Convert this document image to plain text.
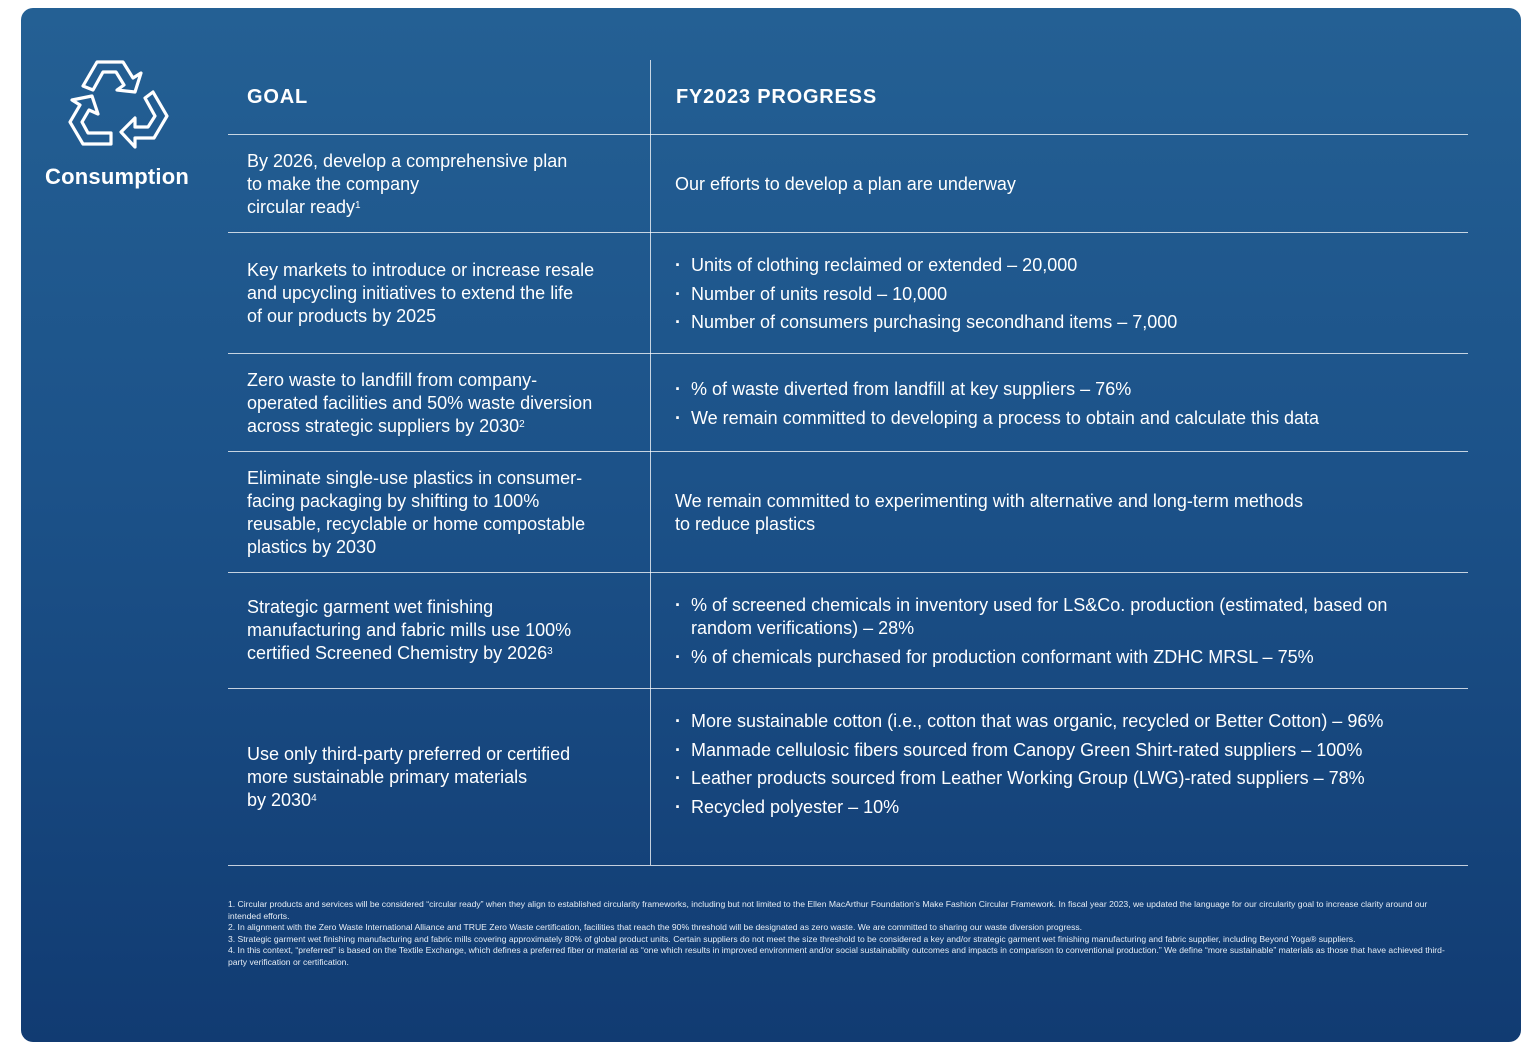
Consumption
GOAL	FY2023 PROGRESS
By 2026, develop a comprehensive plan
to make the company
circular ready$^1$
Our efforts to develop a plan are underway
Key markets to introduce or increase resale
and upcycling initiatives to extend the life
of our products by 2025
· Units of clothing reclaimed or extended – 20,000
· Number of units resold – 10,000
· Number of consumers purchasing secondhand items – 7,000
Zero waste to landfill from company-
operated facilities and 50% waste diversion
across strategic suppliers by $2030^2$
· % of waste diverted from landfill at key suppliers – 76%
· We remain committed to developing a process to obtain and calculate this data
Eliminate single-use plastics in consumer-
facing packaging by shifting to 100%
reusable, recyclable or home compostable
plastics by 2030
We remain committed to experimenting with alternative and long-term methods
to reduce plastics
Strategic garment wet finishing
manufacturing and fabric mills use 100%
certified Screened Chemistry by $2026^3$
· % of screened chemicals in inventory used for LS&Co. production (estimated, based on random verifications) – 28%
· % of chemicals purchased for production conformant with ZDHC MRSL – 75%
Use only third-party preferred or certified
more sustainable primary materials
by $2030^4$
· More sustainable cotton (i.e., cotton that was organic, recycled or Better Cotton) – 96%
· Manmade cellulosic fibers sourced from Canopy Green Shirt-rated suppliers – 100%
· Leather products sourced from Leather Working Group (LWG)-rated suppliers – 78%
· Recycled polyester – 10%

1. Circular products and services will be considered “circular ready” when they align to established circularity frameworks, including but not limited to the Ellen MacArthur Foundation’s Make Fashion Circular Framework. In fiscal year 2023, we updated the language for our circularity goal to increase clarity around our intended efforts.

2. In alignment with the Zero Waste International Alliance and TRUE Zero Waste certification, facilities that reach the 90% threshold will be designated as zero waste. We are committed to sharing our waste diversion progress.

3. Strategic garment wet finishing manufacturing and fabric mills covering approximately 80% of global product units. Certain suppliers do not meet the size threshold to be considered a key and/or strategic garment wet finishing manufacturing and fabric supplier, including Beyond Yoga® suppliers.

4. In this context, “preferred” is based on the Textile Exchange, which defines a preferred fiber or material as “one which results in improved environment and/or social sustainability outcomes and impacts in comparison to conventional production.” We define “more sustainable” materials as those that have achieved third-party verification or certification.
